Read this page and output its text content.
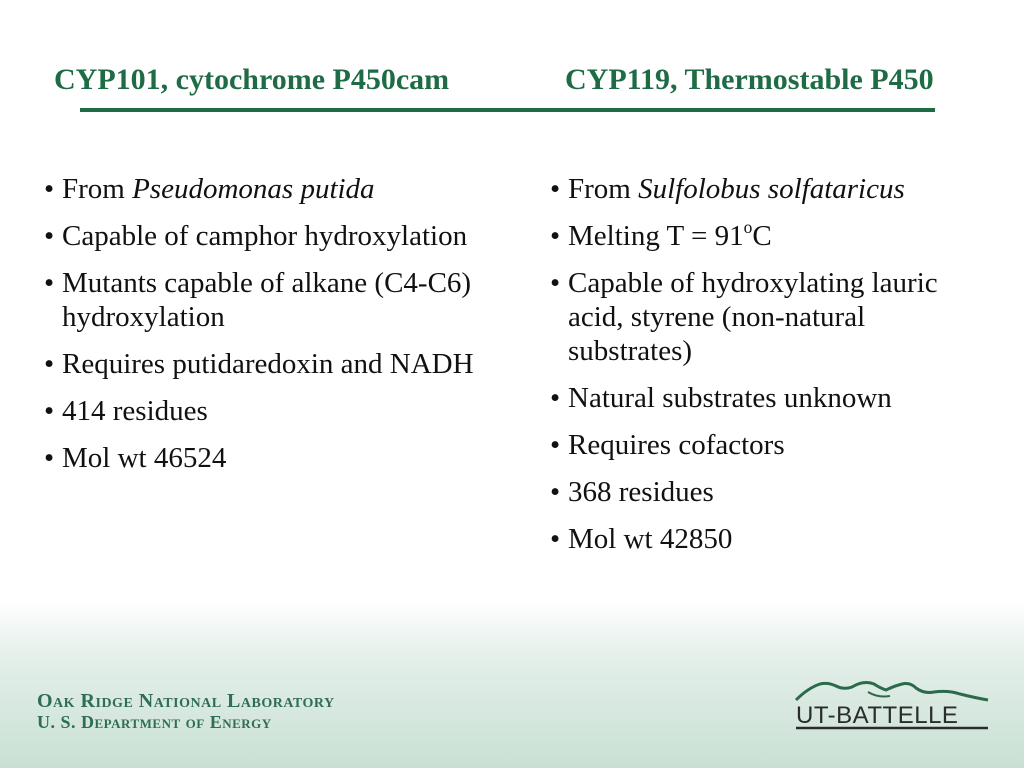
CYP101, cytochrome P450cam	CYP119, Thermostable P450
• From Pseudomonas putida
• Capable of camphor hydroxylation
• Mutants capable of alkane (C4-C6) hydroxylation
• Requires putidaredoxin and NADH
• 414 residues
• Mol wt 46524
• From Sulfolobus solfataricus
• Melting $T = 91^oC$
• Capable of hydroxylating lauric acid, styrene (non-natural substrates)
• Natural substrates unknown
• Requires cofactors
• 368 residues
• Mol wt 42850
Oak Ridge National Laboratory
U. S. Department of Energy	UT-BATTELLE
